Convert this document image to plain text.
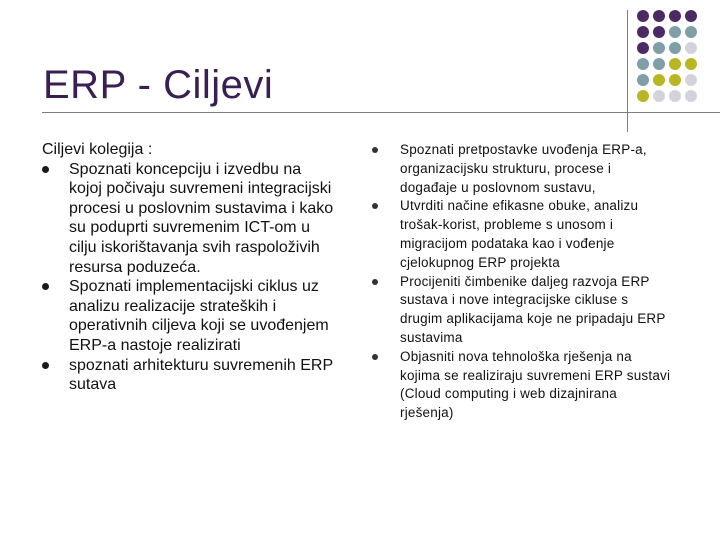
ERP - Ciljevi
Ciljevi kolegija :
Spoznati koncepciju i izvedbu na kojoj počivaju suvremeni integracijski procesi u poslovnim sustavima i kako su poduprti suvremenim ICT-om u cilju iskorištavanja svih raspoloživih resursa poduzeća.
Spoznati implementacijski ciklus uz analizu realizacije strateških i operativnih ciljeva koji se uvođenjem ERP-a nastoje realizirati
spoznati arhitekturu suvremenih ERP sutava
Spoznati pretpostavke uvođenja ERP-a, organizacijsku strukturu, procese i događaje u poslovnom sustavu,
Utvrditi načine efikasne obuke, analizu trošak-korist, probleme s unosom i migracijom podataka kao i vođenje cjelokupnog ERP projekta
Procijeniti čimbenike daljeg razvoja ERP sustava i nove integracijske cikluse s drugim aplikacijama koje ne pripadaju ERP sustavima
Objasniti nova tehnološka rješenja na kojima se realiziraju suvremeni ERP sustavi (Cloud computing i web dizajnirana rješenja)
